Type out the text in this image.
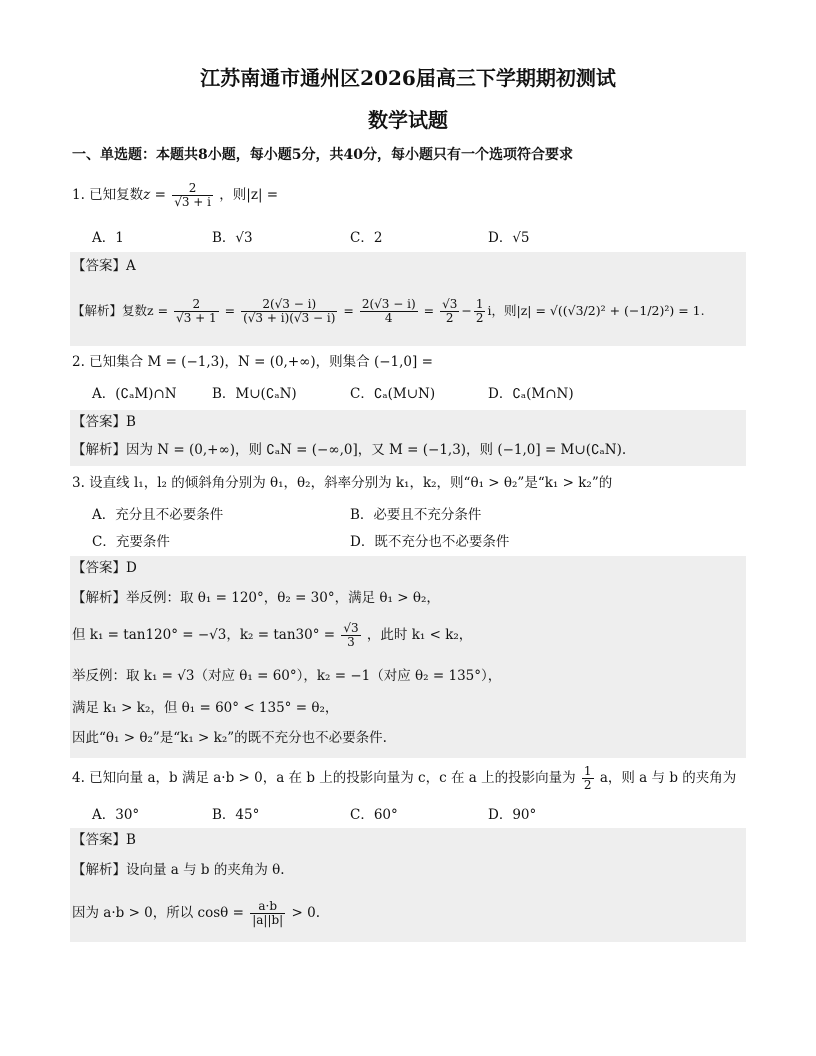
江苏南通市通州区2026届高三下学期期初测试
数学试题
一、单选题：本题共8小题，每小题5分，共40分，每小题只有一个选项符合要求
1. 已知复数$z = \frac{2}{√3 + i}$ ，则|z| =
A．1	B．√3	C．2	D．√5
【答案】A
【解析】复数$z = \frac{2}{√3 + 1} = \frac{2(√3 - i)}{(√3 + i)(√3 - i)} = \frac{2(√3 - i)}{4} = \frac{√3}{2} - \frac{1}{2}$ i，则|z| = √((√3/2)² + (−1/2)²) = 1.
2. 已知集合 M = (−1,3)，N = (0,+∞)，则集合 (−1,0] =
A．(∁ₐM)∩N	B．M∪(∁ₐN)	C．∁ₐ(M∪N)	D．∁ₐ(M∩N)
【答案】B
【解析】因为 N = (0,+∞)，则 ∁ₐN = (−∞,0]，又 M = (−1,3)，则 (−1,0] = M∪(∁ₐN).
3. 设直线 l₁，l₂ 的倾斜角分别为 θ₁，θ₂，斜率分别为 k₁，k₂，则“θ₁ > θ₂”是“k₁ > k₂”的
A．充分且不必要条件	B．必要且不充分条件
C．充要条件	D．既不充分也不必要条件
【答案】D
【解析】举反例：取 θ₁ = 120°，θ₂ = 30°，满足 θ₁ > θ₂，
但 k₁ = tan120° = −√3，$k_2 = \tan 30^\circ = \frac{√3}{3}$ ，此时 k₁ < k₂，
举反例：取 k₁ = √3（对应 θ₁ = 60°），k₂ = −1（对应 θ₂ = 135°），
满足 k₁ > k₂，但 θ₁ = 60° < 135° = θ₂，
因此“θ₁ > θ₂”是“k₁ > k₂”的既不充分也不必要条件.
4. 已知向量 a，b 满足 a·b > 0，a 在 b 上的投影向量为 c，c 在 a 上的投影向量为 $\frac{1}{2}$ a，则 a 与 b 的夹角为
A．30°	B．45°	C．60°	D．90°
【答案】B
【解析】设向量 a 与 b 的夹角为 θ.
因为 a·b > 0，所以 $\cos\theta = \frac{a\cdot b}{|a||b|} > 0$.
